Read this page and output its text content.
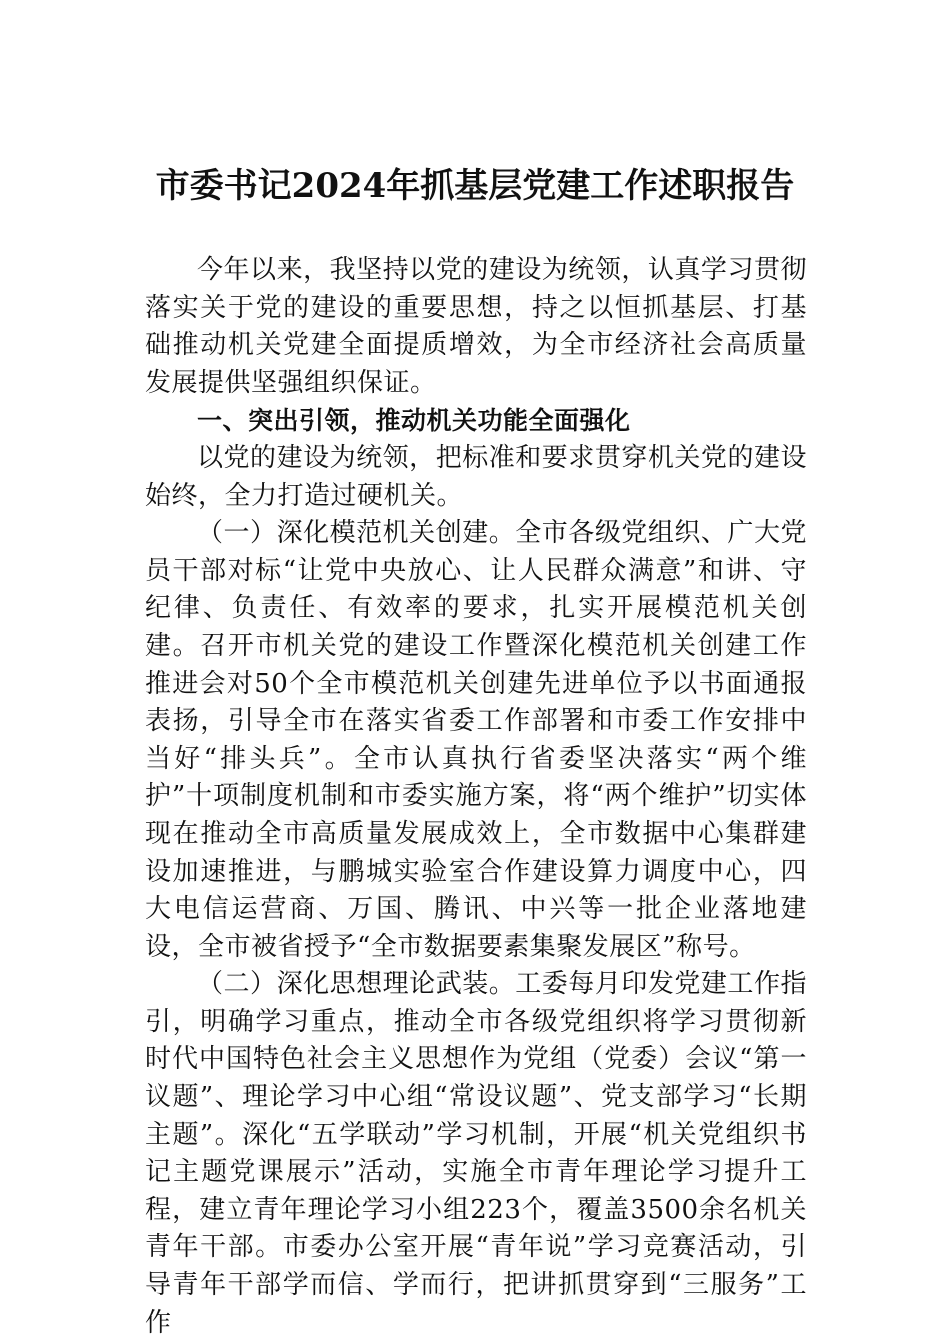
市委书记2024年抓基层党建工作述职报告

今年以来，我坚持以党的建设为统领，认真学习贯彻落实关于党的建设的重要思想，持之以恒抓基层、打基础推动机关党建全面提质增效，为全市经济社会高质量发展提供坚强组织保证。

一、突出引领，推动机关功能全面强化

以党的建设为统领，把标准和要求贯穿机关党的建设始终，全力打造过硬机关。

（一）深化模范机关创建。全市各级党组织、广大党员干部对标“让党中央放心、让人民群众满意”和讲、守纪律、负责任、有效率的要求，扎实开展模范机关创建。召开市机关党的建设工作暨深化模范机关创建工作推进会对50个全市模范机关创建先进单位予以书面通报表扬，引导全市在落实省委工作部署和市委工作安排中当好“排头兵”。全市认真执行省委坚决落实“两个维护”十项制度机制和市委实施方案，将“两个维护”切实体现在推动全市高质量发展成效上，全市数据中心集群建设加速推进，与鹏城实验室合作建设算力调度中心，四大电信运营商、万国、腾讯、中兴等一批企业落地建设，全市被省授予“全市数据要素集聚发展区”称号。

（二）深化思想理论武装。工委每月印发党建工作指引，明确学习重点，推动全市各级党组织将学习贯彻新时代中国特色社会主义思想作为党组（党委）会议“第一议题”、理论学习中心组“常设议题”、党支部学习“长期主题”。深化“五学联动”学习机制，开展“机关党组织书记主题党课展示”活动，实施全市青年理论学习提升工程，建立青年理论学习小组223个，覆盖3500余名机关青年干部。市委办公室开展“青年说”学习竞赛活动，引导青年干部学而信、学而行，把讲抓贯穿到“三服务”工作
